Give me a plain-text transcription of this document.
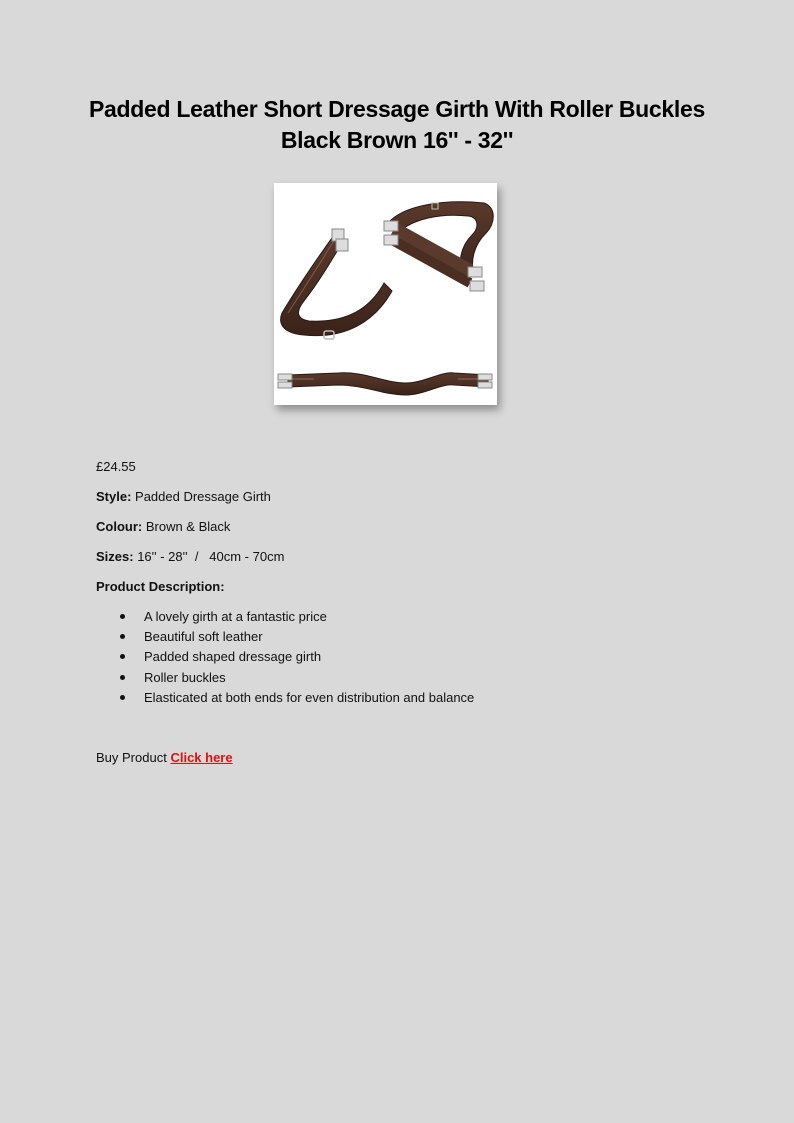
Padded Leather Short Dressage Girth With Roller Buckles Black Brown 16'' - 32''
£24.55
Style: Padded Dressage Girth
Colour: Brown & Black
Sizes: 16'' - 28''  /   40cm - 70cm
Product Description:
A lovely girth at a fantastic price
Beautiful soft leather
Padded shaped dressage girth
Roller buckles
Elasticated at both ends for even distribution and balance
Buy Product Click here
